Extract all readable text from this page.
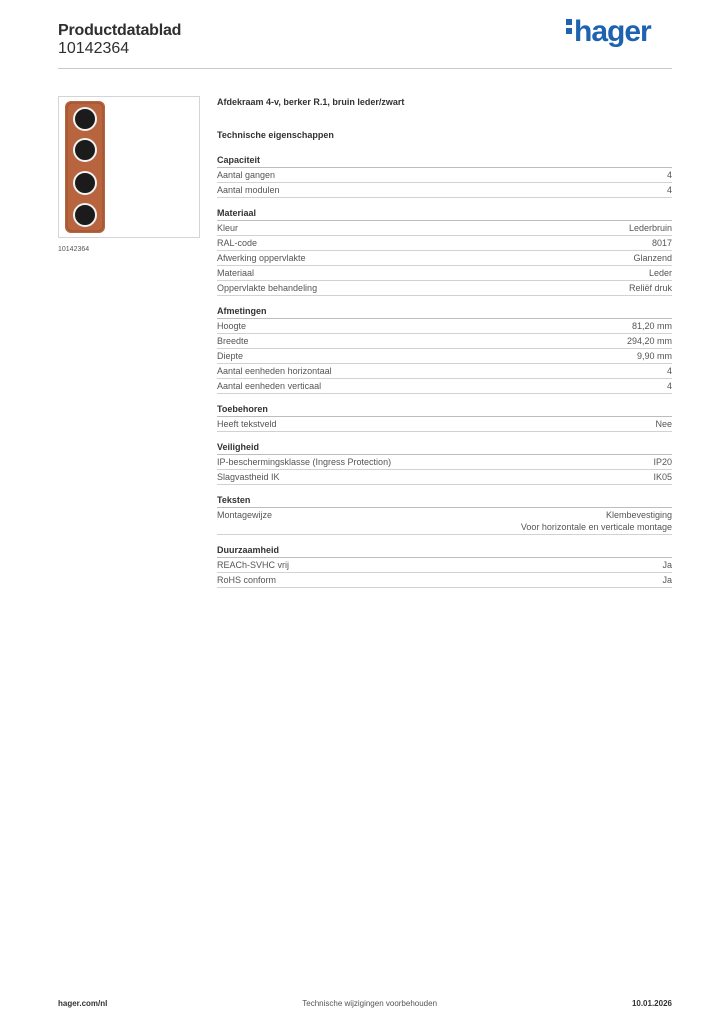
Productdatablad
10142364
hager
10142364
Afdekraam 4-v, berker R.1, bruin leder/zwart
Technische eigenschappen
Capaciteit
Aantal gangen	4
Aantal modulen	4
Materiaal
Kleur	Lederbruin
RAL-code	8017
Afwerking oppervlakte	Glanzend
Materiaal	Leder
Oppervlakte behandeling	Reliëf druk
Afmetingen
Hoogte	81,20 mm
Breedte	294,20 mm
Diepte	9,90 mm
Aantal eenheden horizontaal	4
Aantal eenheden verticaal	4
Toebehoren
Heeft tekstveld	Nee
Veiligheid
IP-beschermingsklasse (Ingress Protection)	IP20
Slagvastheid IK	IK05
Teksten
Montagewijze	Klembevestiging
Voor horizontale en verticale montage
Duurzaamheid
REACh-SVHC vrij	Ja
RoHS conform	Ja
hager.com/nl	Technische wijzigingen voorbehouden	10.01.2026
